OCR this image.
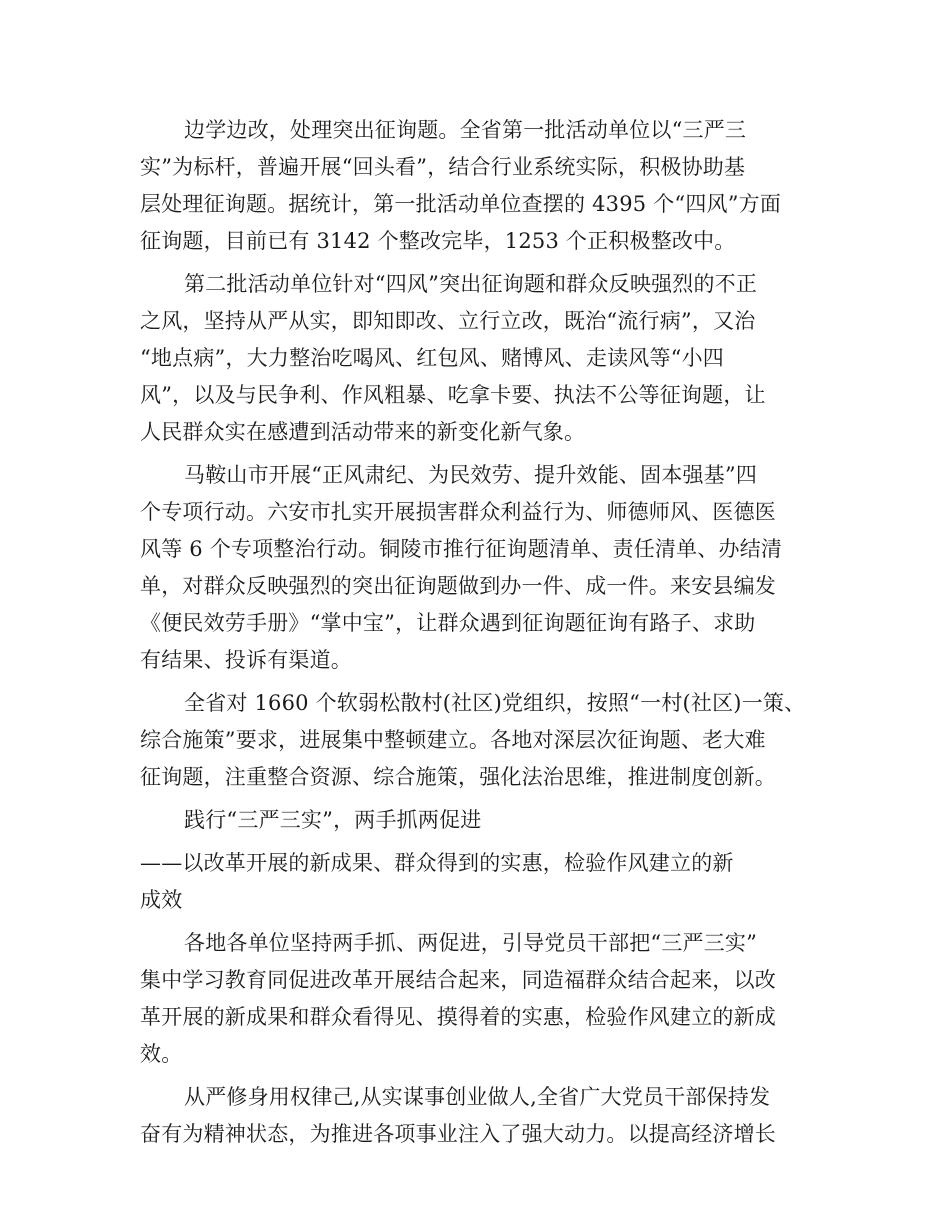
边学边改，处理突出征询题。全省第一批活动单位以“三严三
实”为标杆，普遍开展“回头看”，结合行业系统实际，积极协助基
层处理征询题。据统计，第一批活动单位查摆的 4395 个“四风”方面
征询题，目前已有 3142 个整改完毕，1253 个正积极整改中。
第二批活动单位针对“四风”突出征询题和群众反映强烈的不正
之风，坚持从严从实，即知即改、立行立改，既治“流行病”，又治
“地点病”，大力整治吃喝风、红包风、赌博风、走读风等“小四
风”，以及与民争利、作风粗暴、吃拿卡要、执法不公等征询题，让
人民群众实在感遭到活动带来的新变化新气象。
马鞍山市开展“正风肃纪、为民效劳、提升效能、固本强基”四
个专项行动。六安市扎实开展损害群众利益行为、师德师风、医德医
风等 6 个专项整治行动。铜陵市推行征询题清单、责任清单、办结清
单，对群众反映强烈的突出征询题做到办一件、成一件。来安县编发
《便民效劳手册》“掌中宝”，让群众遇到征询题征询有路子、求助
有结果、投诉有渠道。
全省对 1660 个软弱松散村(社区)党组织，按照“一村(社区)一策、
综合施策”要求，进展集中整顿建立。各地对深层次征询题、老大难
征询题，注重整合资源、综合施策，强化法治思维，推进制度创新。
践行“三严三实”，两手抓两促进
——以改革开展的新成果、群众得到的实惠，检验作风建立的新
成效
各地各单位坚持两手抓、两促进，引导党员干部把“三严三实”
集中学习教育同促进改革开展结合起来，同造福群众结合起来，以改
革开展的新成果和群众看得见、摸得着的实惠，检验作风建立的新成
效。
从严修身用权律己,从实谋事创业做人,全省广大党员干部保持发
奋有为精神状态，为推进各项事业注入了强大动力。以提高经济增长
